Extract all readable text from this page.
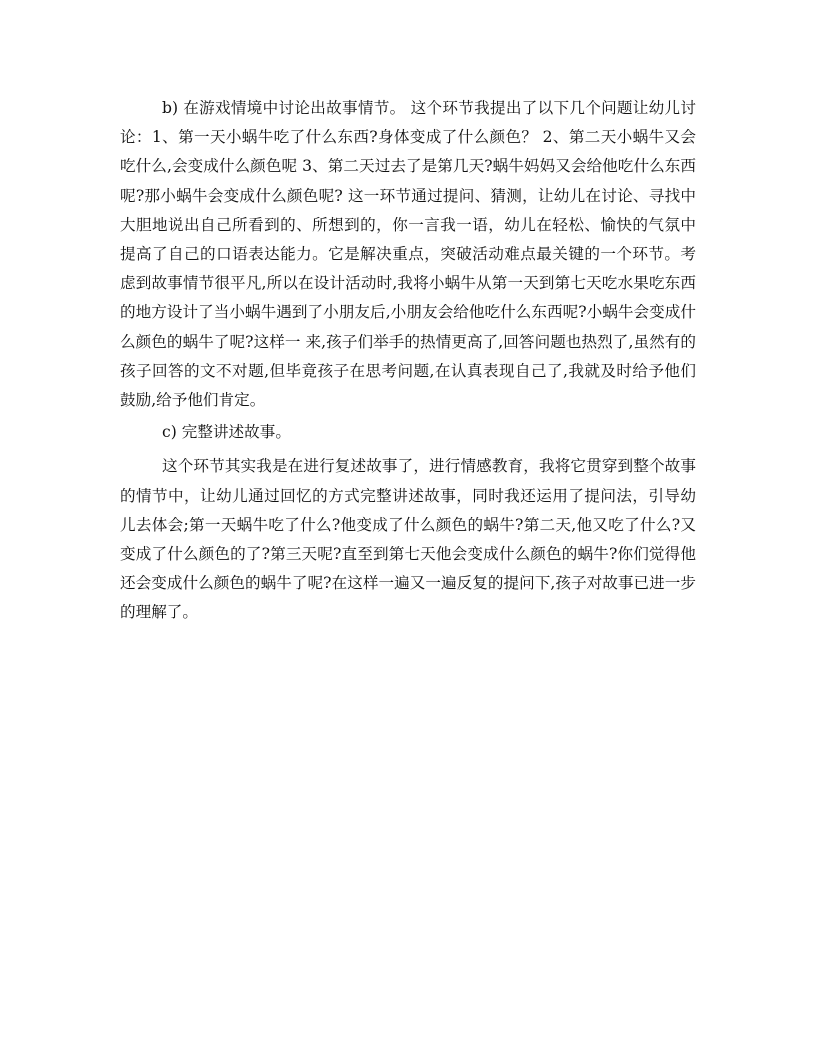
b) 在游戏情境中讨论出故事情节。 这个环节我提出了以下几个问题让幼儿讨论：1、第一天小蜗牛吃了什么东西?身体变成了什么颜色？ 2、第二天小蜗牛又会吃什么,会变成什么颜色呢 3、第二天过去了是第几天?蜗牛妈妈又会给他吃什么东西呢?那小蜗牛会变成什么颜色呢? 这一环节通过提问、猜测，让幼儿在讨论、寻找中大胆地说出自己所看到的、所想到的，你一言我一语，幼儿在轻松、愉快的气氛中提高了自己的口语表达能力。它是解决重点，突破活动难点最关键的一个环节。考虑到故事情节很平凡,所以在设计活动时,我将小蜗牛从第一天到第七天吃水果吃东西的地方设计了当小蜗牛遇到了小朋友后,小朋友会给他吃什么东西呢?小蜗牛会变成什么颜色的蜗牛了呢?这样一 来,孩子们举手的热情更高了,回答问题也热烈了,虽然有的孩子回答的文不对题,但毕竟孩子在思考问题,在认真表现自己了,我就及时给予他们鼓励,给予他们肯定。

c) 完整讲述故事。

这个环节其实我是在进行复述故事了，进行情感教育，我将它贯穿到整个故事的情节中，让幼儿通过回忆的方式完整讲述故事，同时我还运用了提问法，引导幼儿去体会;第一天蜗牛吃了什么?他变成了什么颜色的蜗牛?第二天,他又吃了什么?又变成了什么颜色的了?第三天呢?直至到第七天他会变成什么颜色的蜗牛?你们觉得他还会变成什么颜色的蜗牛了呢?在这样一遍又一遍反复的提问下,孩子对故事已进一步的理解了。
